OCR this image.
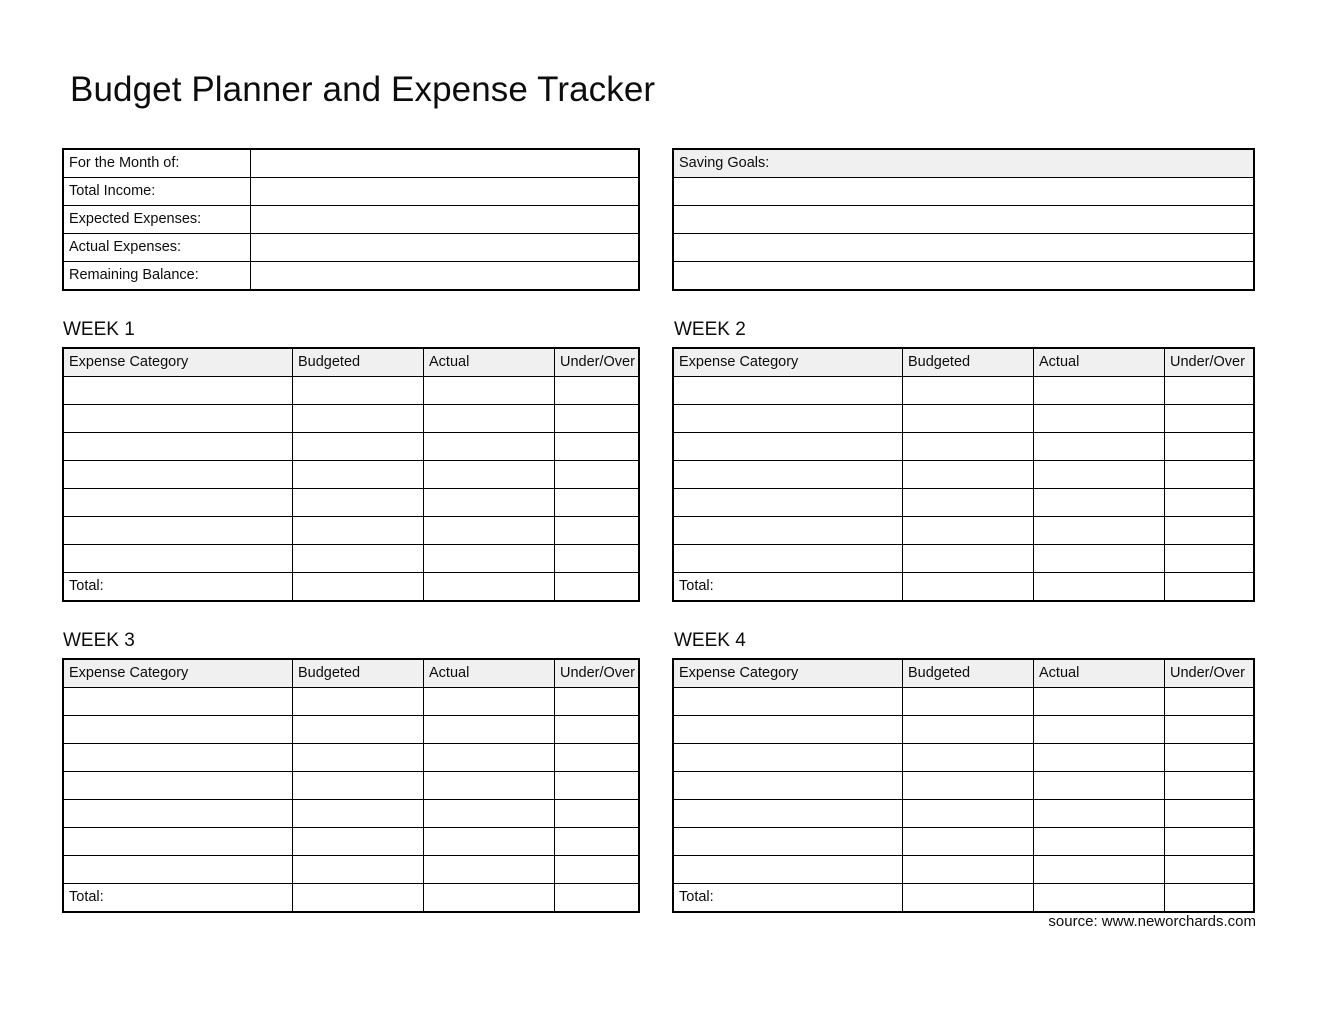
Budget Planner and Expense Tracker
For the Month of:	
Total Income:	
Expected Expenses:	
Actual Expenses:	
Remaining Balance:	
Saving Goals:

WEEK 1
Expense Category	Budgeted	Actual	Under/Over

Total:			
WEEK 2
Expense Category	Budgeted	Actual	Under/Over

Total:			
WEEK 3
Expense Category	Budgeted	Actual	Under/Over

Total:			
WEEK 4
Expense Category	Budgeted	Actual	Under/Over

Total:			
source: www.neworchards.com
